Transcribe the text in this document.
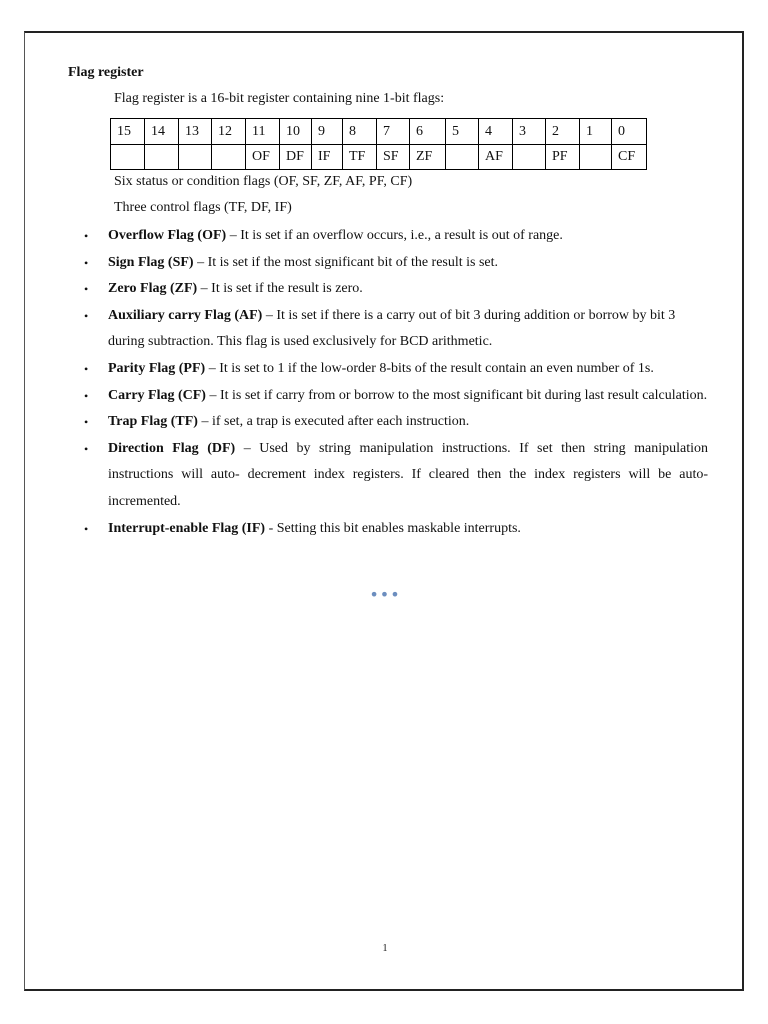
Flag register

Flag register is a 16-bit register containing nine 1-bit flags:

15	14	13	12	11	10	9	8	7	6	5	4	3	2	1	0
				OF	DF	IF	TF	SF	ZF		AF		PF		CF

Six status or condition flags (OF, SF, ZF, AF, PF, CF)

Three control flags (TF, DF, IF)

• Overflow Flag (OF) – It is set if an overflow occurs, i.e., a result is out of range.
• Sign Flag (SF) – It is set if the most significant bit of the result is set.
• Zero Flag (ZF) – It is set if the result is zero.
• Auxiliary carry Flag (AF) – It is set if there is a carry out of bit 3 during addition or borrow by bit 3 during subtraction. This flag is used exclusively for BCD arithmetic.
• Parity Flag (PF) – It is set to 1 if the low-order 8-bits of the result contain an even number of 1s.
• Carry Flag (CF) – It is set if carry from or borrow to the most significant bit during last result calculation.
• Trap Flag (TF) – if set, a trap is executed after each instruction.
• Direction Flag (DF) – Used by string manipulation instructions. If set then string manipulation instructions will auto- decrement index registers. If cleared then the index registers will be auto-incremented.
• Interrupt-enable Flag (IF) - Setting this bit enables maskable interrupts.
•••
1
